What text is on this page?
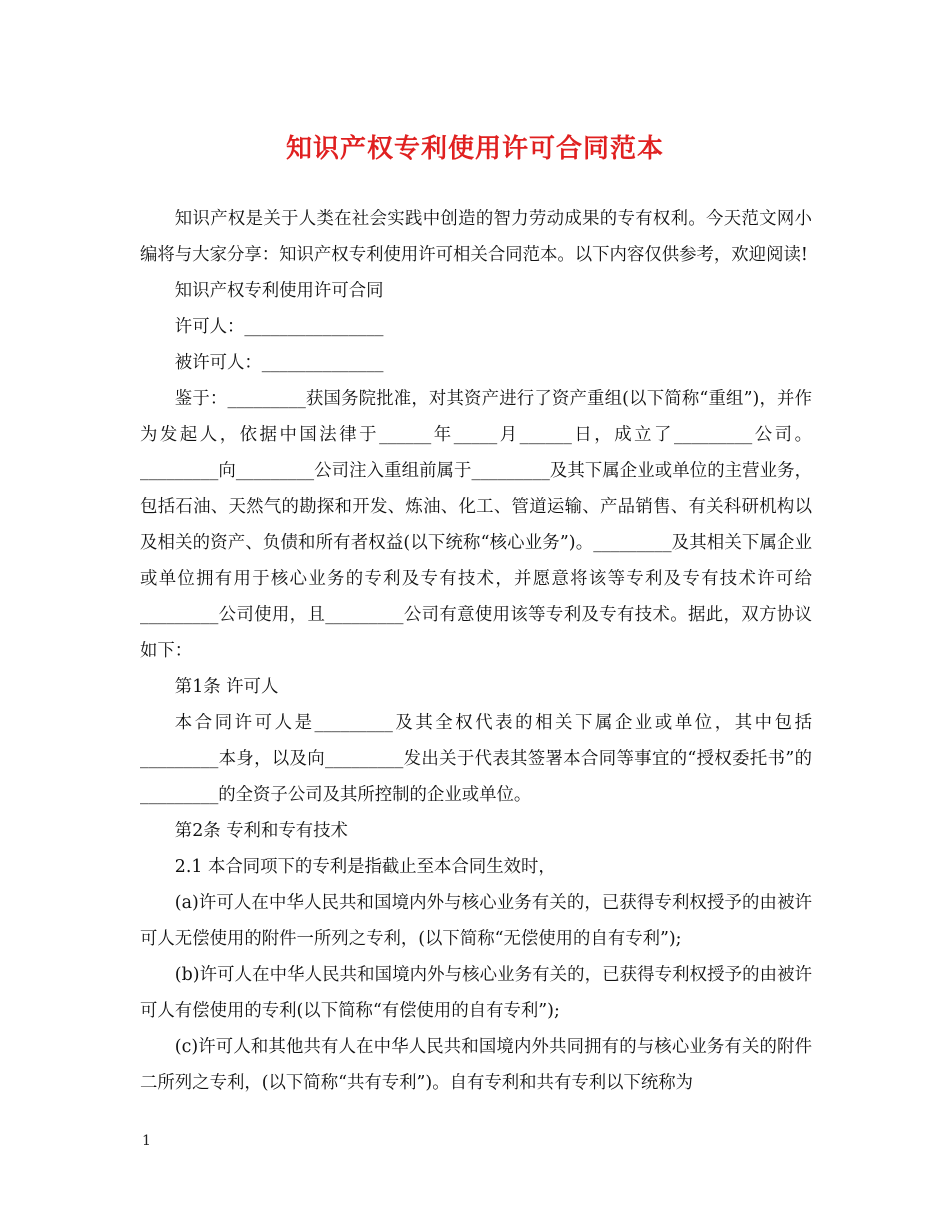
知识产权专利使用许可合同范本

知识产权是关于人类在社会实践中创造的智力劳动成果的专有权利。今天范文网小编将与大家分享：知识产权专利使用许可相关合同范本。以下内容仅供参考，欢迎阅读!

知识产权专利使用许可合同

许可人：________________

被许可人：______________

鉴于：_________获国务院批准，对其资产进行了资产重组(以下简称“重组”)，并作为发起人，依据中国法律于______年_____月______日，成立了_________公司。_________向_________公司注入重组前属于_________及其下属企业或单位的主营业务，包括石油、天然气的勘探和开发、炼油、化工、管道运输、产品销售、有关科研机构以及相关的资产、负债和所有者权益(以下统称“核心业务”)。_________及其相关下属企业或单位拥有用于核心业务的专利及专有技术，并愿意将该等专利及专有技术许可给_________公司使用，且_________公司有意使用该等专利及专有技术。据此，双方协议如下：

第1条 许可人

本合同许可人是_________及其全权代表的相关下属企业或单位，其中包括_________本身，以及向_________发出关于代表其签署本合同等事宜的“授权委托书”的_________的全资子公司及其所控制的企业或单位。

第2条 专利和专有技术

2.1 本合同项下的专利是指截止至本合同生效时，

(a)许可人在中华人民共和国境内外与核心业务有关的，已获得专利权授予的由被许可人无偿使用的附件一所列之专利，(以下简称“无偿使用的自有专利”);

(b)许可人在中华人民共和国境内外与核心业务有关的，已获得专利权授予的由被许可人有偿使用的专利(以下简称“有偿使用的自有专利”);

(c)许可人和其他共有人在中华人民共和国境内外共同拥有的与核心业务有关的附件二所列之专利，(以下简称“共有专利”)。自有专利和共有专利以下统称为

1
